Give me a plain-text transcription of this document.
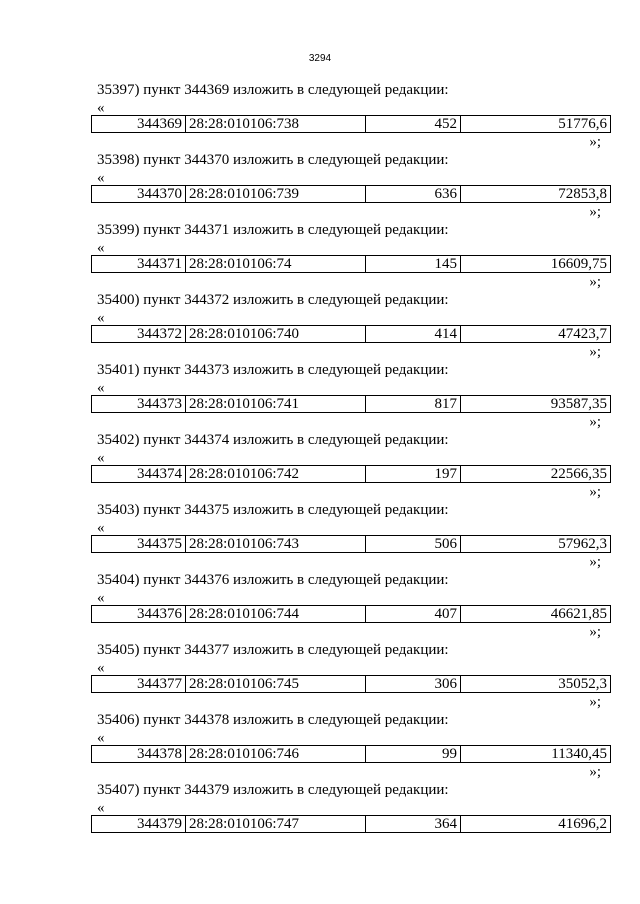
3294
35397) пункт 344369 изложить в следующей редакции:
«
344369	28:28:010106:738	452	51776,6
»;
35398) пункт 344370 изложить в следующей редакции:
«
344370	28:28:010106:739	636	72853,8
»;
35399) пункт 344371 изложить в следующей редакции:
«
344371	28:28:010106:74	145	16609,75
»;
35400) пункт 344372 изложить в следующей редакции:
«
344372	28:28:010106:740	414	47423,7
»;
35401) пункт 344373 изложить в следующей редакции:
«
344373	28:28:010106:741	817	93587,35
»;
35402) пункт 344374 изложить в следующей редакции:
«
344374	28:28:010106:742	197	22566,35
»;
35403) пункт 344375 изложить в следующей редакции:
«
344375	28:28:010106:743	506	57962,3
»;
35404) пункт 344376 изложить в следующей редакции:
«
344376	28:28:010106:744	407	46621,85
»;
35405) пункт 344377 изложить в следующей редакции:
«
344377	28:28:010106:745	306	35052,3
»;
35406) пункт 344378 изложить в следующей редакции:
«
344378	28:28:010106:746	99	11340,45
»;
35407) пункт 344379 изложить в следующей редакции:
«
344379	28:28:010106:747	364	41696,2
